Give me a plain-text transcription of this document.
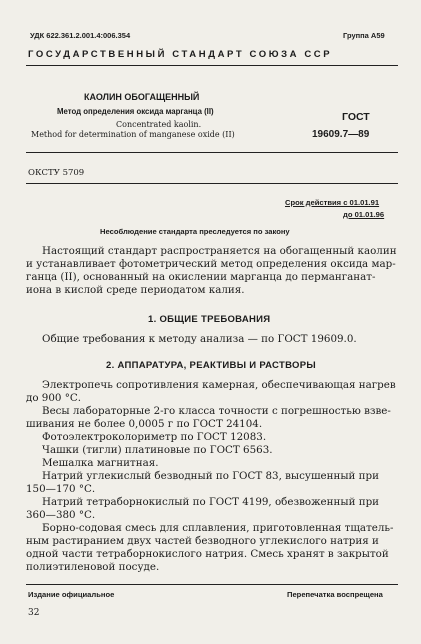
УДК 622.361.2.001.4:006.354	Группа А59
ГОСУДАРСТВЕННЫЙ СТАНДАРТ СОЮЗА ССР
КАОЛИН ОБОГАЩЕННЫЙ
Метод определения оксида марганца (II)
Concentrated kaolin.
Method for determination of manganese oxide (II)
ГОСТ
19609.7—89
ОКСТУ 5709
Срок действия с 01.01.91
до 01.01.96
Несоблюдение стандарта преследуется по закону
Настоящий стандарт распространяется на обогащенный каолин
и устанавливает фотометрический метод определения оксида мар-
ганца (II), основанный на окислении марганца до перманганат-
иона в кислой среде периодатом калия.
1. ОБЩИЕ ТРЕБОВАНИЯ
Общие требования к методу анализа — по ГОСТ 19609.0.
2. АППАРАТУРА, РЕАКТИВЫ И РАСТВОРЫ
Электропечь сопротивления камерная, обеспечивающая нагрев
до 900 °С.
Весы лабораторные 2-го класса точности с погрешностью взве-
шивания не более 0,0005 г по ГОСТ 24104.
Фотоэлектроколориметр по ГОСТ 12083.
Чашки (тигли) платиновые по ГОСТ 6563.
Мешалка магнитная.
Натрий углекислый безводный по ГОСТ 83, высушенный при
150—170 °С.
Натрий тетраборнокислый по ГОСТ 4199, обезвоженный при
360—380 °С.
Борно-содовая смесь для сплавления, приготовленная тщатель-
ным растиранием двух частей безводного углекислого натрия и
одной части тетраборнокислого натрия. Смесь хранят в закрытой
полиэтиленовой посуде.
Издание официальное	Перепечатка воспрещена
32
